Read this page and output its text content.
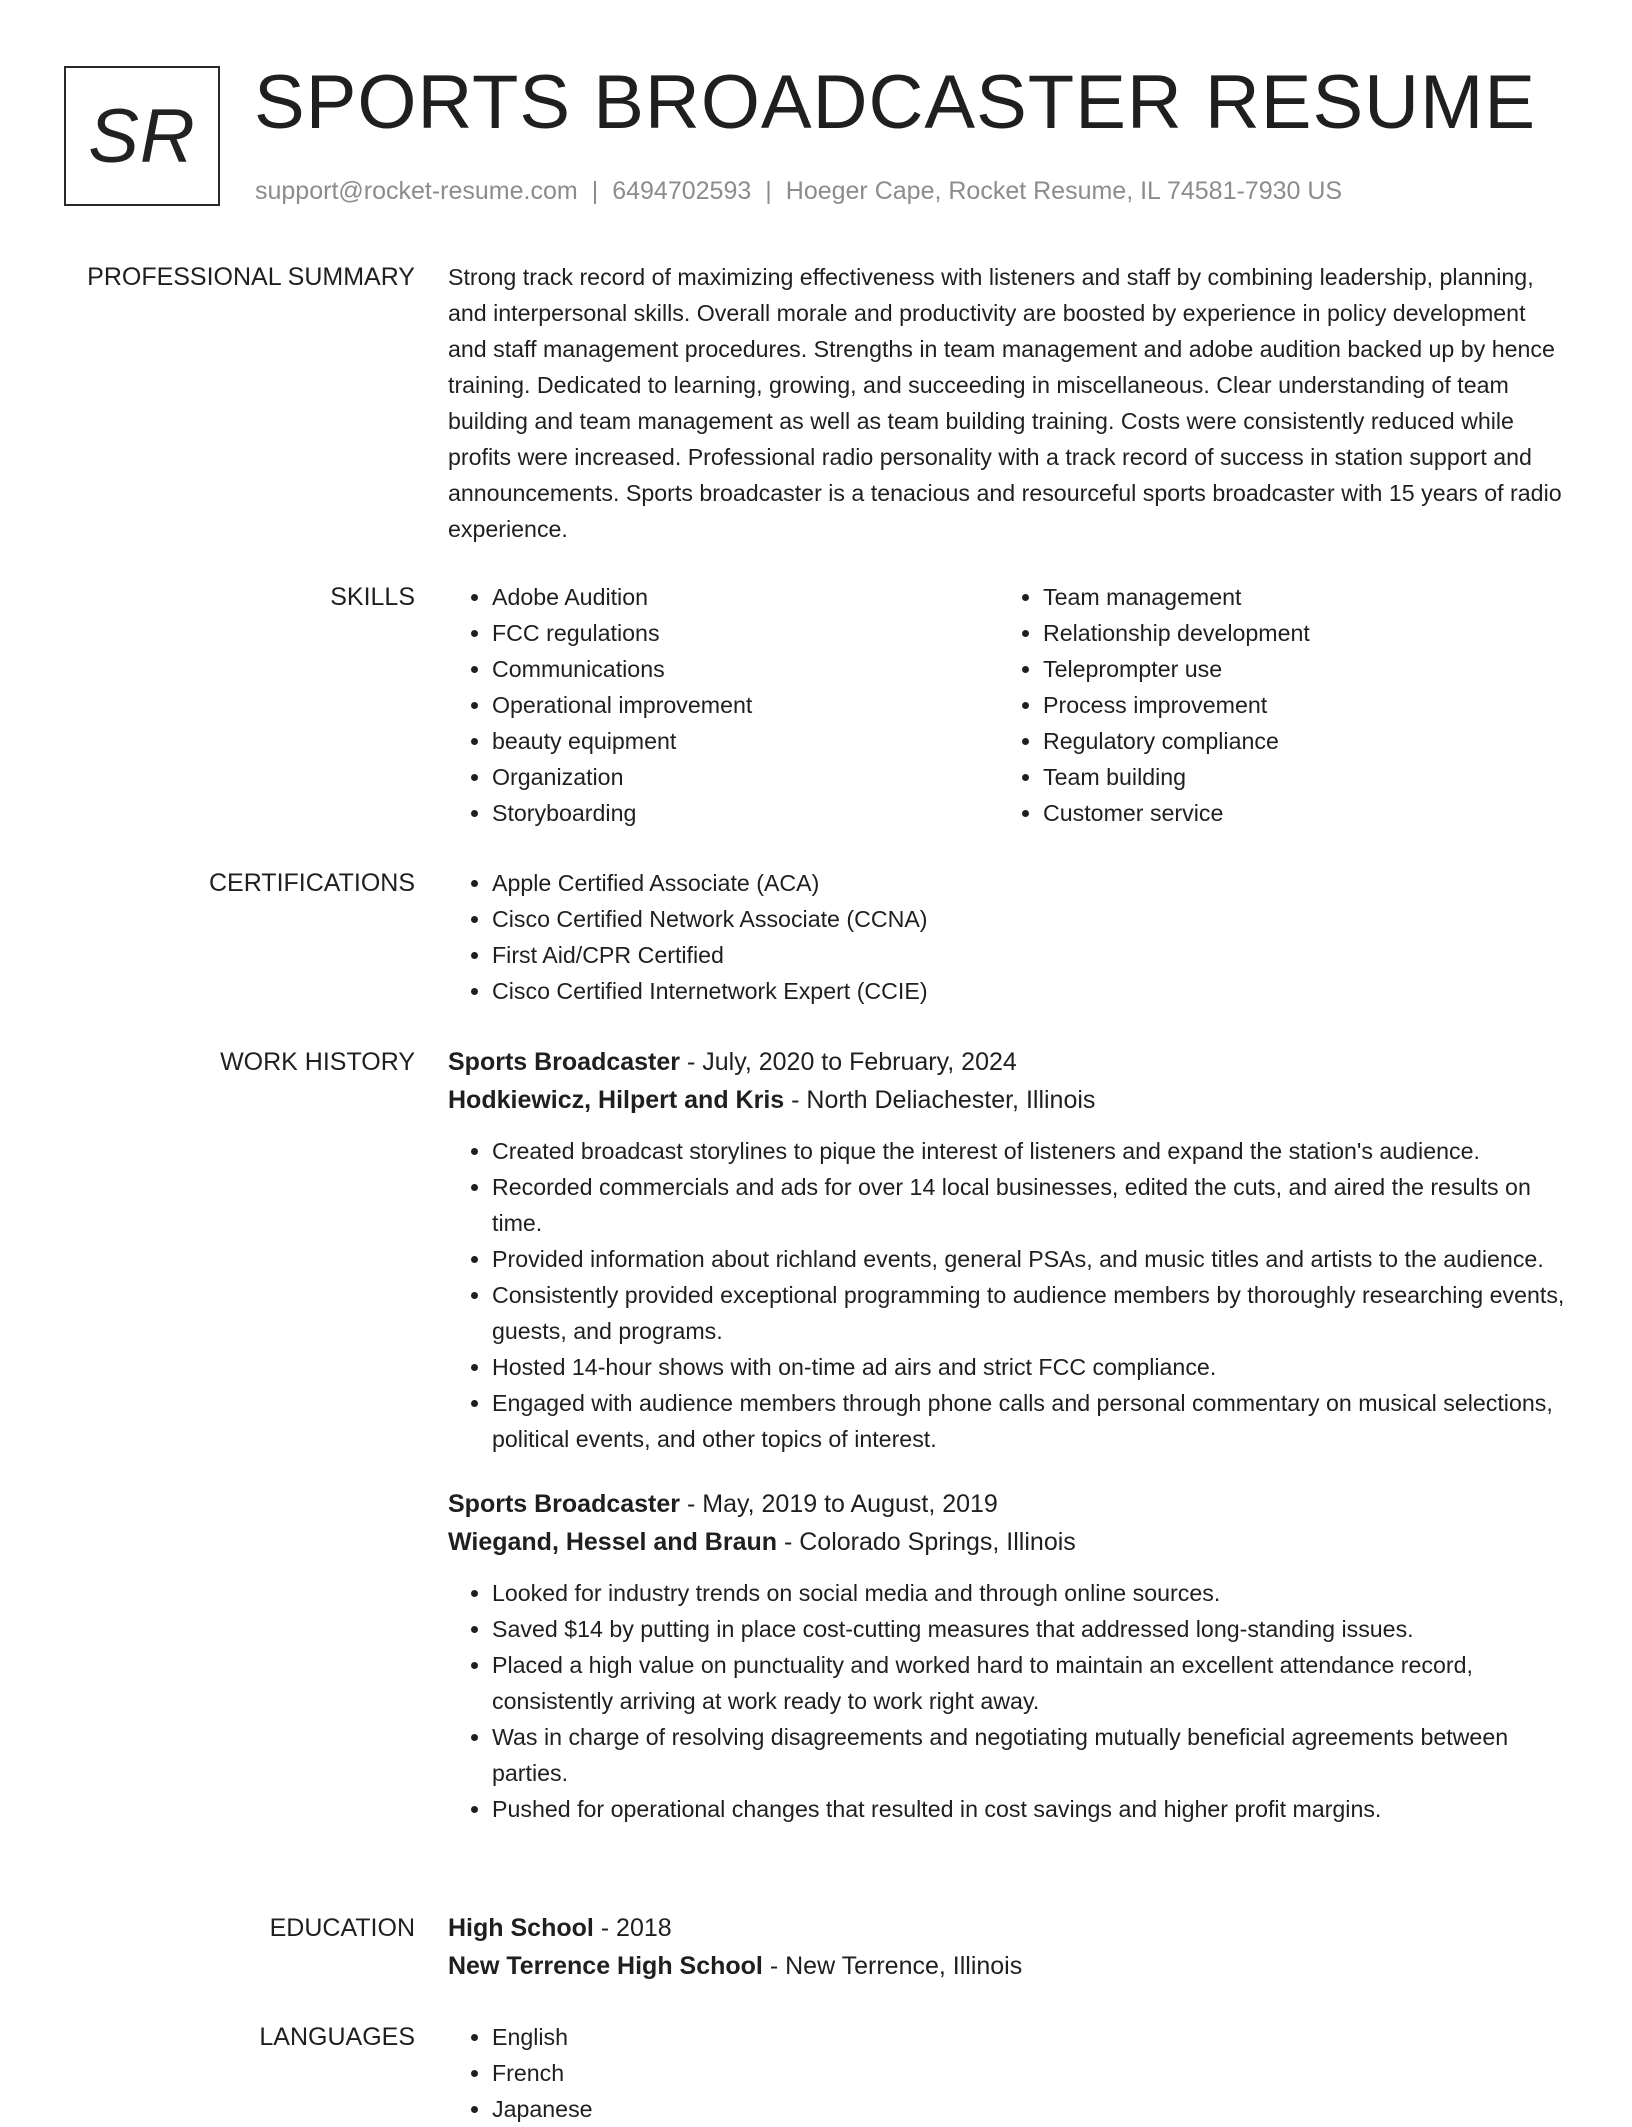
SR SPORTS BROADCASTER RESUME
support@rocket-resume.com | 6494702593 | Hoeger Cape, Rocket Resume, IL 74581-7930 US
PROFESSIONAL SUMMARY Strong track record of maximizing effectiveness with listeners and staff by combining leadership, planning, and interpersonal skills. Overall morale and productivity are boosted by experience in policy development and staff management procedures. Strengths in team management and adobe audition backed up by hence training. Dedicated to learning, growing, and succeeding in miscellaneous. Clear understanding of team building and team management as well as team building training. Costs were consistently reduced while profits were increased. Professional radio personality with a track record of success in station support and announcements. Sports broadcaster is a tenacious and resourceful sports broadcaster with 15 years of radio experience.

SKILLS	• Adobe Audition
• FCC regulations
• Communications
• Operational improvement
• beauty equipment
• Organization
• Storyboarding
• Team management
• Relationship development
• Teleprompter use
• Process improvement
• Regulatory compliance
• Team building
• Customer service
CERTIFICATIONS	• Apple Certified Associate (ACA)
• Cisco Certified Network Associate (CCNA)
• First Aid/CPR Certified
• Cisco Certified Internetwork Expert (CCIE)
WORK HISTORY Sports Broadcaster - July, 2020 to February, 2024
Hodkiewicz, Hilpert and Kris - North Deliachester, Illinois
• Created broadcast storylines to pique the interest of listeners and expand the station's audience.
• Recorded commercials and ads for over 14 local businesses, edited the cuts, and aired the results on time.
• Provided information about richland events, general PSAs, and music titles and artists to the audience.
• Consistently provided exceptional programming to audience members by thoroughly researching events, guests, and programs.
• Hosted 14-hour shows with on-time ad airs and strict FCC compliance.
• Engaged with audience members through phone calls and personal commentary on musical selections, political events, and other topics of interest.
Sports Broadcaster - May, 2019 to August, 2019
Wiegand, Hessel and Braun - Colorado Springs, Illinois
• Looked for industry trends on social media and through online sources.
• Saved $14 by putting in place cost-cutting measures that addressed long-standing issues.
• Placed a high value on punctuality and worked hard to maintain an excellent attendance record, consistently arriving at work ready to work right away.
• Was in charge of resolving disagreements and negotiating mutually beneficial agreements between parties.
• Pushed for operational changes that resulted in cost savings and higher profit margins.
EDUCATION High School - 2018
New Terrence High School - New Terrence, Illinois
LANGUAGES	• English
• French
• Japanese
